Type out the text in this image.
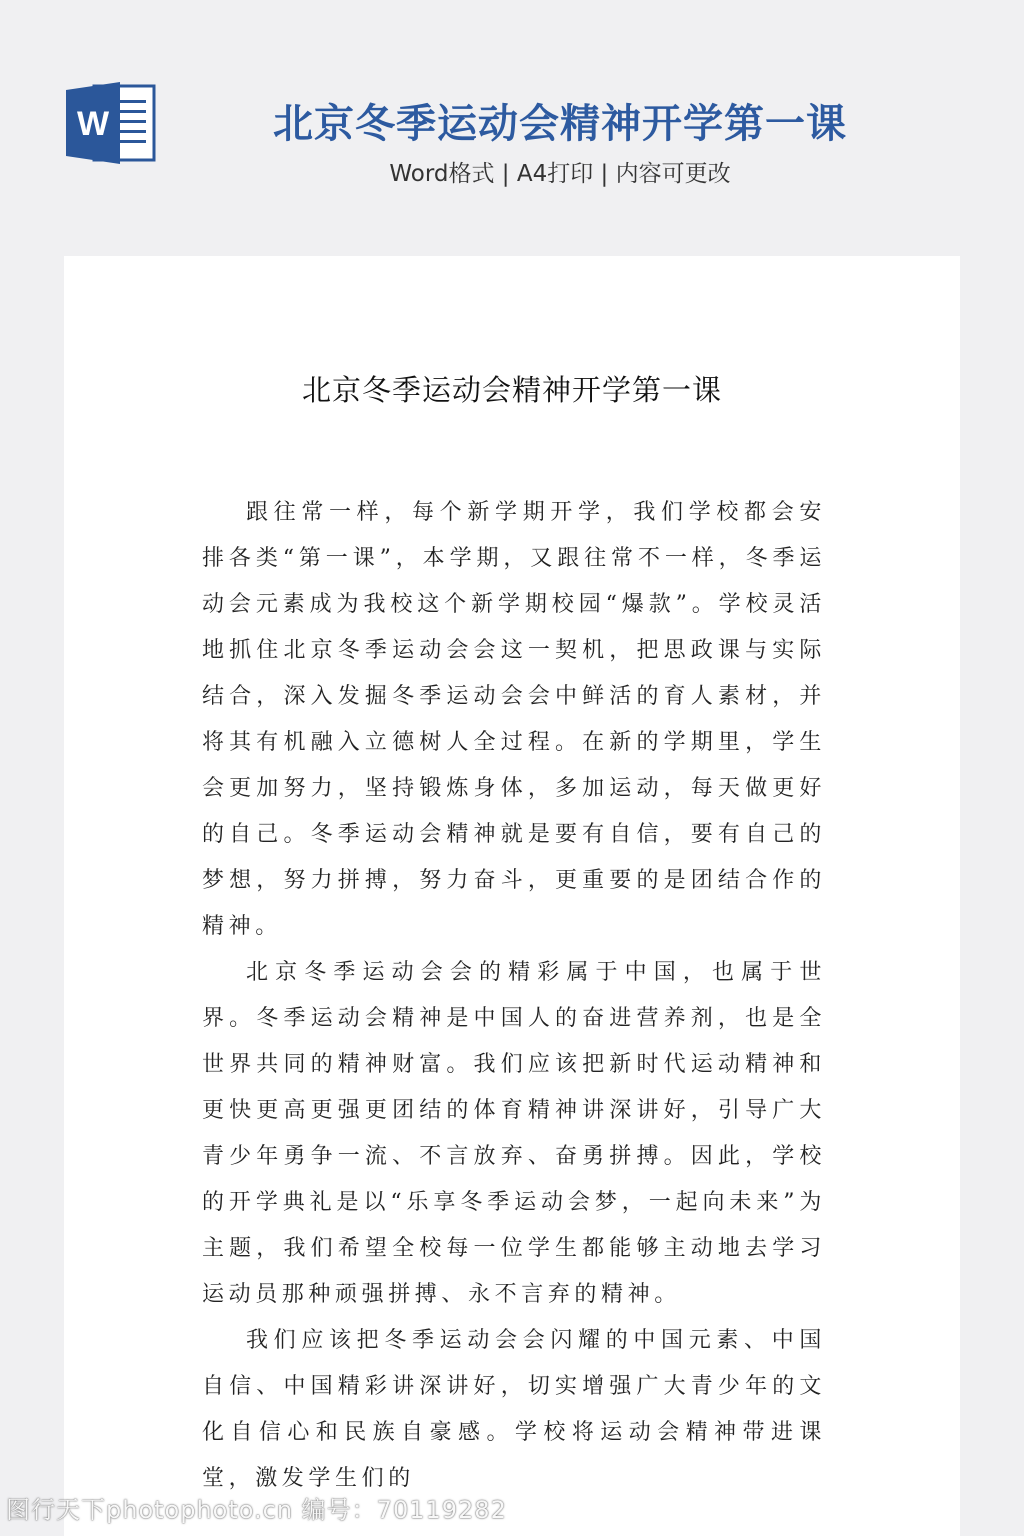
W	北京冬季运动会精神开学第一课
Word格式 | A4打印 | 内容可更改
北京冬季运动会精神开学第一课

跟往常一样，每个新学期开学，我们学校都会安排各类“第一课”，本学期，又跟往常不一样，冬季运动会元素成为我校这个新学期校园“爆款”。学校灵活地抓住北京冬季运动会会这一契机，把思政课与实际结合，深入发掘冬季运动会会中鲜活的育人素材，并将其有机融入立德树人全过程。在新的学期里，学生会更加努力，坚持锻炼身体，多加运动，每天做更好的自己。冬季运动会精神就是要有自信，要有自己的梦想，努力拼搏，努力奋斗，更重要的是团结合作的精神。

北京冬季运动会会的精彩属于中国，也属于世界。冬季运动会精神是中国人的奋进营养剂，也是全世界共同的精神财富。我们应该把新时代运动精神和更快更高更强更团结的体育精神讲深讲好，引导广大青少年勇争一流、不言放弃、奋勇拼搏。因此，学校的开学典礼是以“乐享冬季运动会梦，一起向未来”为主题，我们希望全校每一位学生都能够主动地去学习运动员那种顽强拼搏、永不言弃的精神。

我们应该把冬季运动会会闪耀的中国元素、中国自信、中国精彩讲深讲好，切实增强广大青少年的文化自信心和民族自豪感。学校将运动会精神带进课堂，激发学生们的

图行天下photophoto.cn 编号：70119282
